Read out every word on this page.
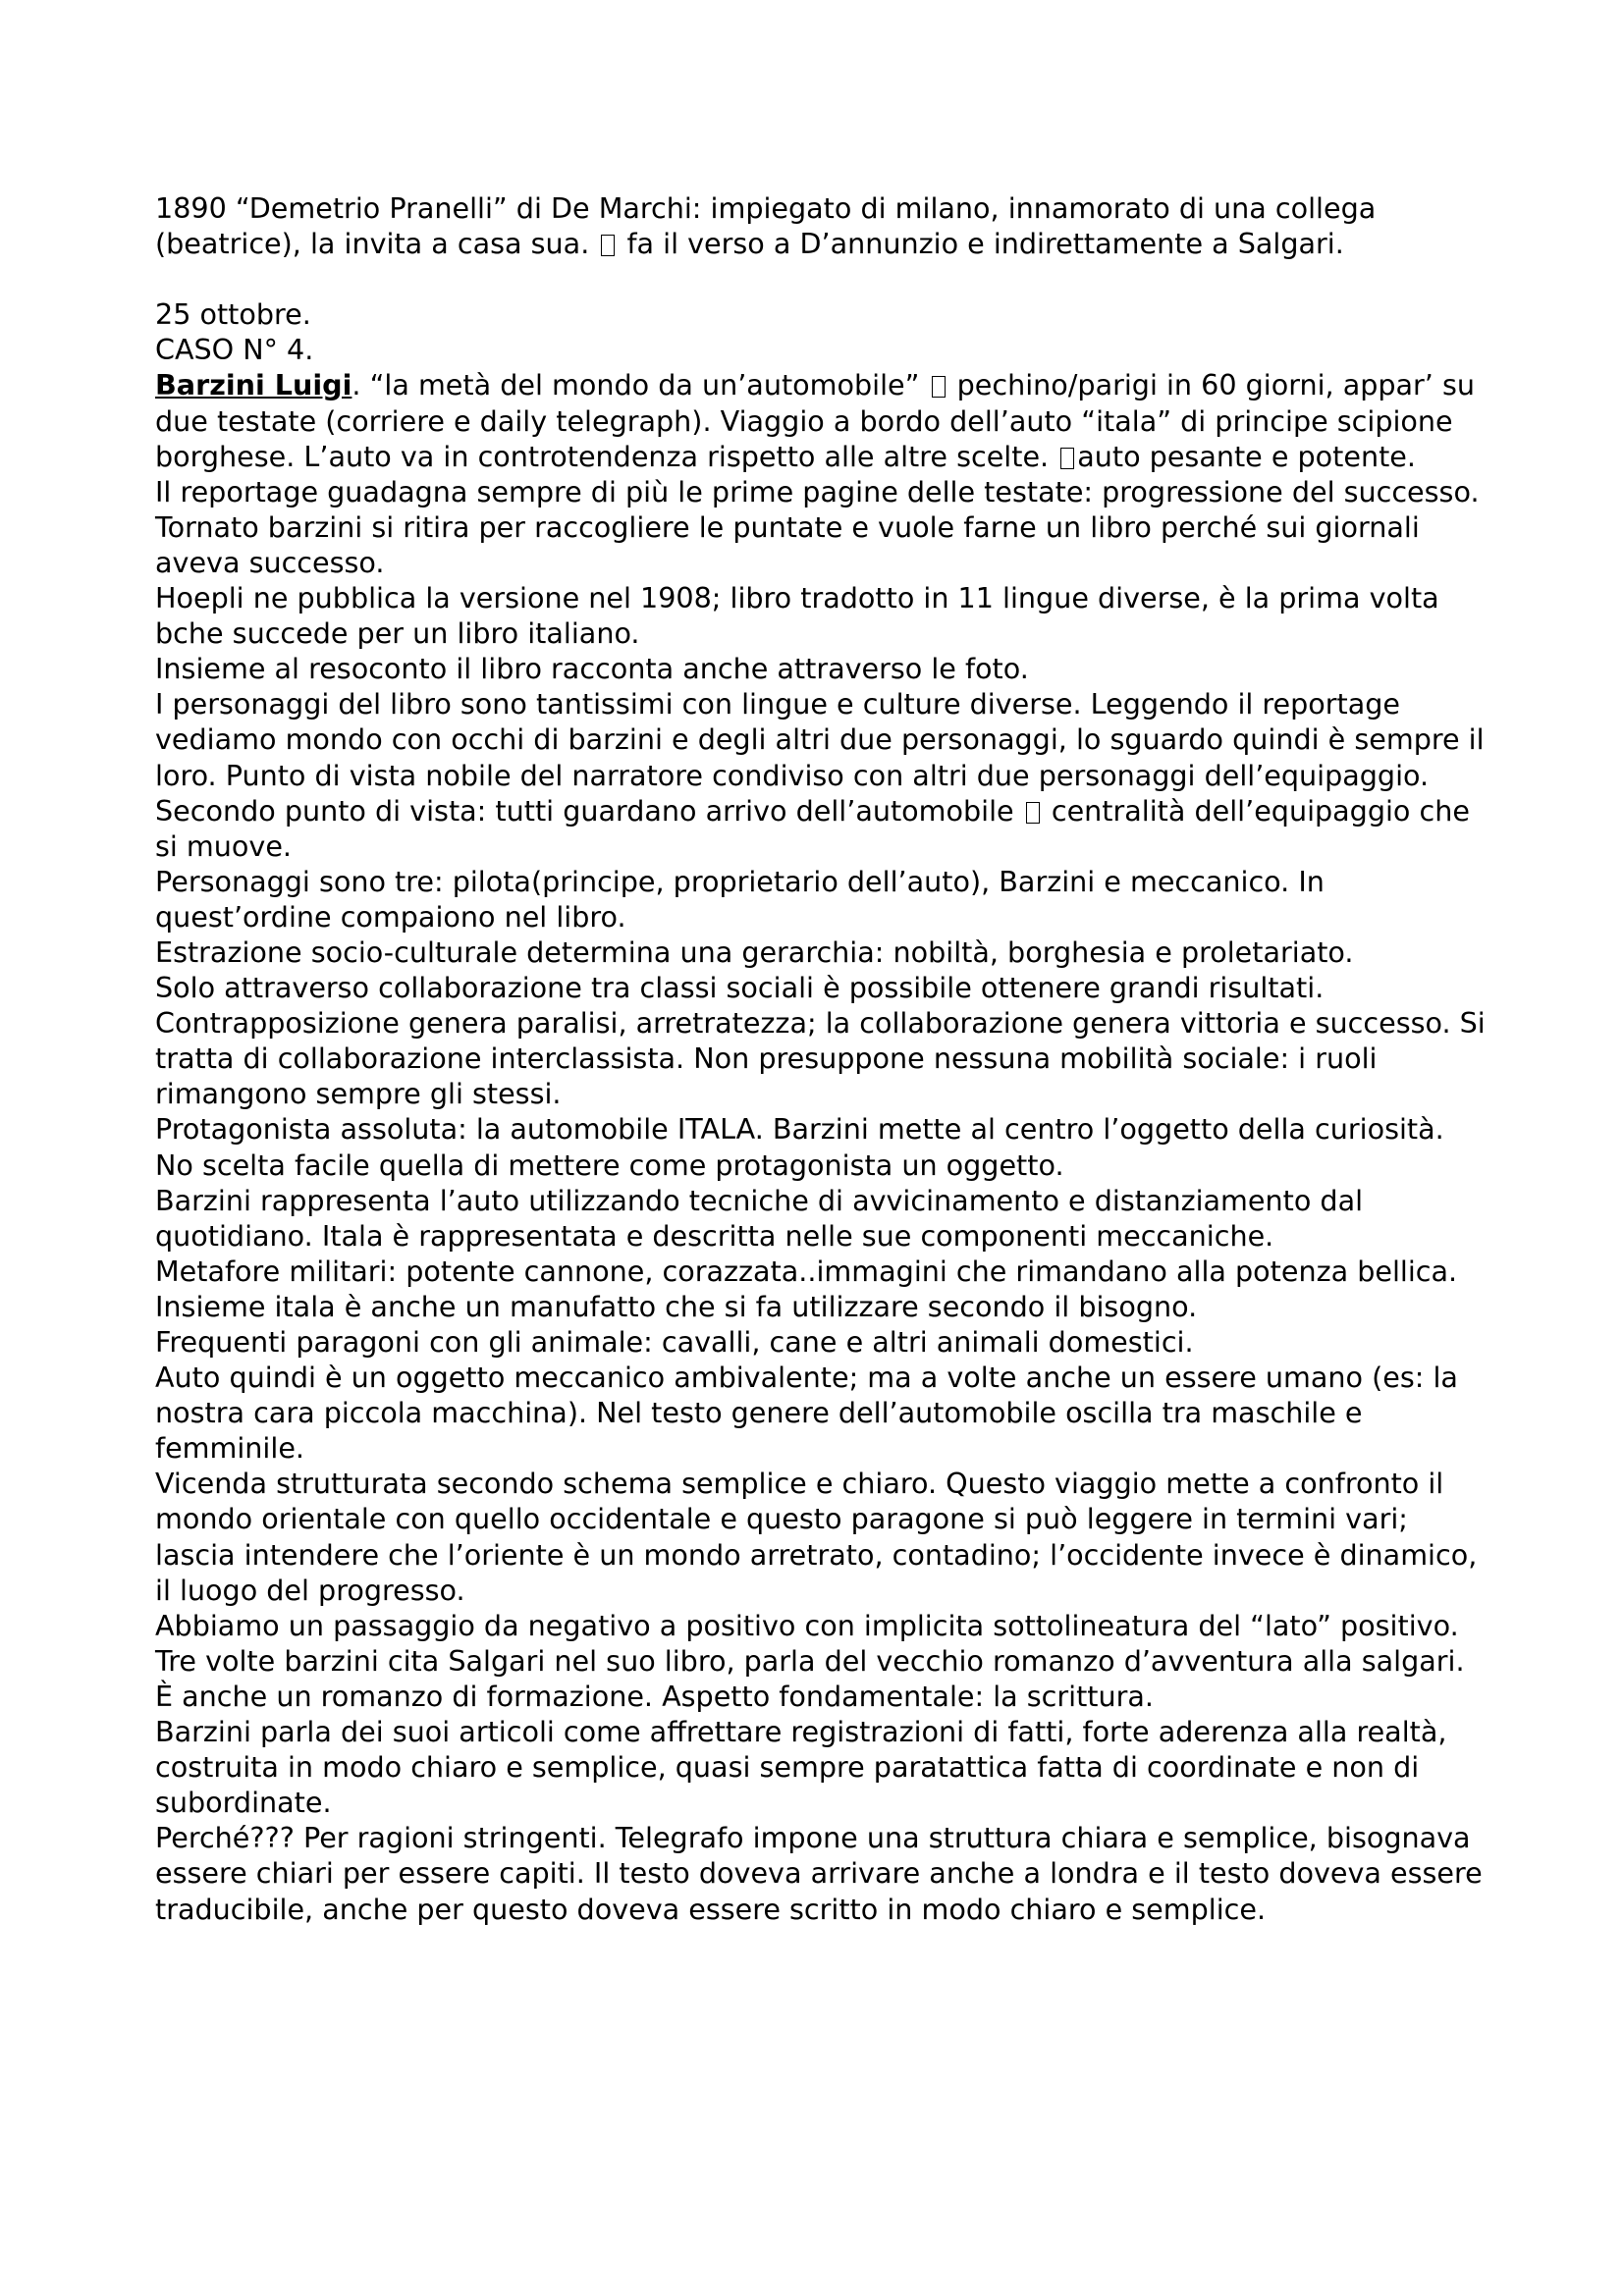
1890 “Demetrio Pranelli” di De Marchi: impiegato di milano, innamorato di una collega (beatrice), la invita a casa sua. fa il verso a D’annunzio e indirettamente a Salgari.

25 ottobre.

CASO N° 4.

Barzini Luigi. “la metà del mondo da un’automobile” pechino/parigi in 60 giorni, appar’ su due testate (corriere e daily telegraph). Viaggio a bordo dell’auto “itala” di principe scipione borghese. L’auto va in controtendenza rispetto alle altre scelte. auto pesante e potente.

Il reportage guadagna sempre di più le prime pagine delle testate: progressione del successo.

Tornato barzini si ritira per raccogliere le puntate e vuole farne un libro perché sui giornali aveva successo.

Hoepli ne pubblica la versione nel 1908; libro tradotto in 11 lingue diverse, è la prima volta bche succede per un libro italiano.

Insieme al resoconto il libro racconta anche attraverso le foto.

I personaggi del libro sono tantissimi con lingue e culture diverse. Leggendo il reportage vediamo mondo con occhi di barzini e degli altri due personaggi, lo sguardo quindi è sempre il loro. Punto di vista nobile del narratore condiviso con altri due personaggi dell’equipaggio.

Secondo punto di vista: tutti guardano arrivo dell’automobile centralità dell’equipaggio che si muove.

Personaggi sono tre: pilota(principe, proprietario dell’auto), Barzini e meccanico. In quest’ordine compaiono nel libro.

Estrazione socio-culturale determina una gerarchia: nobiltà, borghesia e proletariato.

Solo attraverso collaborazione tra classi sociali è possibile ottenere grandi risultati.

Contrapposizione genera paralisi, arretratezza; la collaborazione genera vittoria e successo. Si tratta di collaborazione interclassista. Non presuppone nessuna mobilità sociale: i ruoli rimangono sempre gli stessi.

Protagonista assoluta: la automobile ITALA. Barzini mette al centro l’oggetto della curiosità. No scelta facile quella di mettere come protagonista un oggetto.

Barzini rappresenta l’auto utilizzando tecniche di avvicinamento e distanziamento dal quotidiano. Itala è rappresentata e descritta nelle sue componenti meccaniche.

Metafore militari: potente cannone, corazzata..immagini che rimandano alla potenza bellica. Insieme itala è anche un manufatto che si fa utilizzare secondo il bisogno.

Frequenti paragoni con gli animale: cavalli, cane e altri animali domestici.

Auto quindi è un oggetto meccanico ambivalente; ma a volte anche un essere umano (es: la nostra cara piccola macchina). Nel testo genere dell’automobile oscilla tra maschile e femminile.

Vicenda strutturata secondo schema semplice e chiaro. Questo viaggio mette a confronto il mondo orientale con quello occidentale e questo paragone si può leggere in termini vari; lascia intendere che l’oriente è un mondo arretrato, contadino; l’occidente invece è dinamico, il luogo del progresso.

Abbiamo un passaggio da negativo a positivo con implicita sottolineatura del “lato” positivo.

Tre volte barzini cita Salgari nel suo libro, parla del vecchio romanzo d’avventura alla salgari.

È anche un romanzo di formazione. Aspetto fondamentale: la scrittura.

Barzini parla dei suoi articoli come affrettare registrazioni di fatti, forte aderenza alla realtà, costruita in modo chiaro e semplice, quasi sempre paratattica fatta di coordinate e non di subordinate.

Perché??? Per ragioni stringenti. Telegrafo impone una struttura chiara e semplice, bisognava essere chiari per essere capiti. Il testo doveva arrivare anche a londra e il testo doveva essere traducibile, anche per questo doveva essere scritto in modo chiaro e semplice.
